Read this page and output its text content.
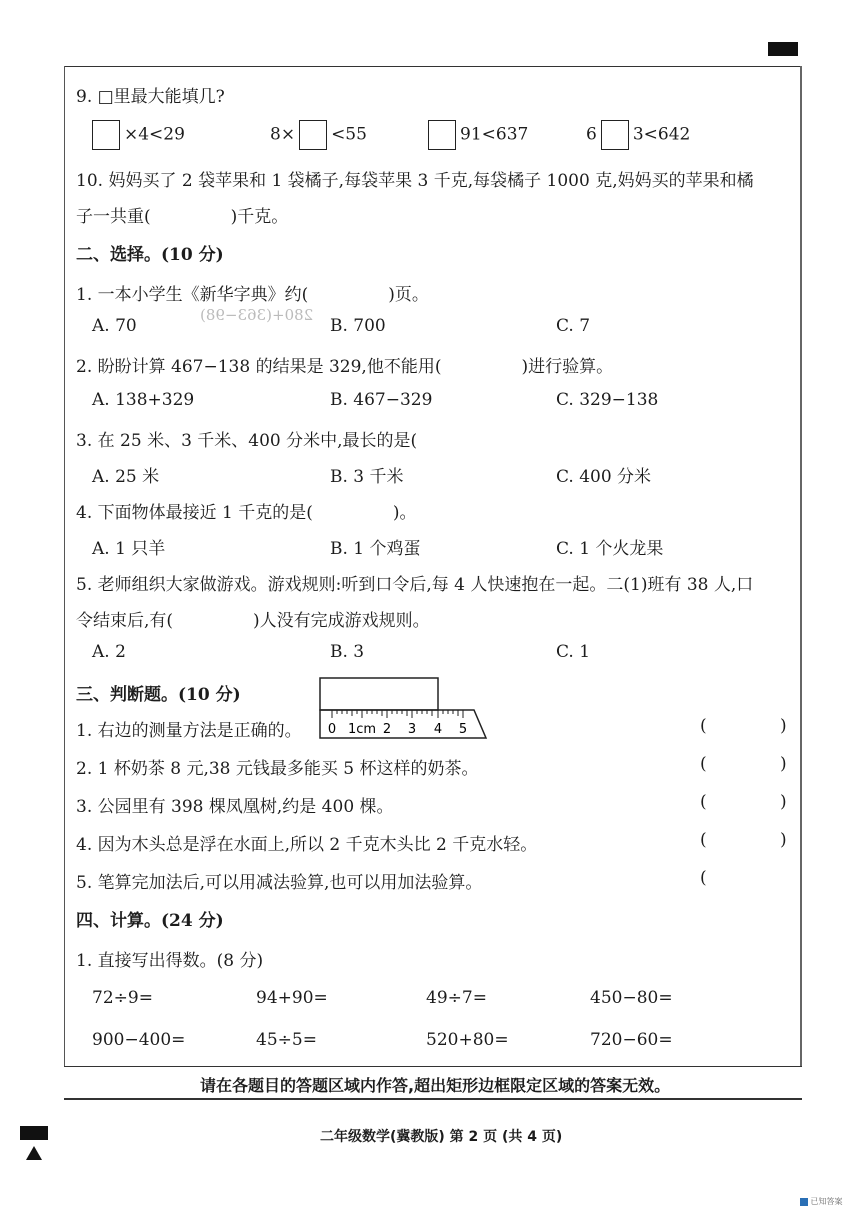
9. □里最大能填几?
×4<29	8× <55	91<637	6 3<642
10. 妈妈买了 2 袋苹果和 1 袋橘子,每袋苹果 3 千克,每袋橘子 1000 克,妈妈买的苹果和橘
子一共重(	)千克。
二、选择。(10 分)
1. 一本小学生《新华字典》约(	)页。
280+(363−98)
A. 70	B. 700	C. 7
2. 盼盼计算 467−138 的结果是 329,他不能用(	)进行验算。
A. 138+329	B. 467−329	C. 329−138
3. 在 25 米、3 千米、400 分米中,最长的是(
A. 25 米	B. 3 千米	C. 400 分米
4. 下面物体最接近 1 千克的是(	)。
A. 1 只羊	B. 1 个鸡蛋	C. 1 个火龙果
5. 老师组织大家做游戏。游戏规则:听到口令后,每 4 人快速抱在一起。二(1)班有 38 人,口
令结束后,有(	)人没有完成游戏规则。
A. 2	B. 3	C. 1
三、判断题。(10 分)
0 1cm 2 3 4 5
1. 右边的测量方法是正确的。	(	)
2. 1 杯奶茶 8 元,38 元钱最多能买 5 杯这样的奶茶。	(	)
3. 公园里有 398 棵凤凰树,约是 400 棵。	(	)
4. 因为木头总是浮在水面上,所以 2 千克木头比 2 千克水轻。	(	)
5. 笔算完加法后,可以用减法验算,也可以用加法验算。	(
四、计算。(24 分)
1. 直接写出得数。(8 分)
72÷9=	94+90=	49÷7=	450−80=
900−400=	45÷5=	520+80=	720−60=
请在各题目的答题区域内作答,超出矩形边框限定区域的答案无效。
二年级数学(冀教版) 第 2 页 (共 4 页)
已知答案
